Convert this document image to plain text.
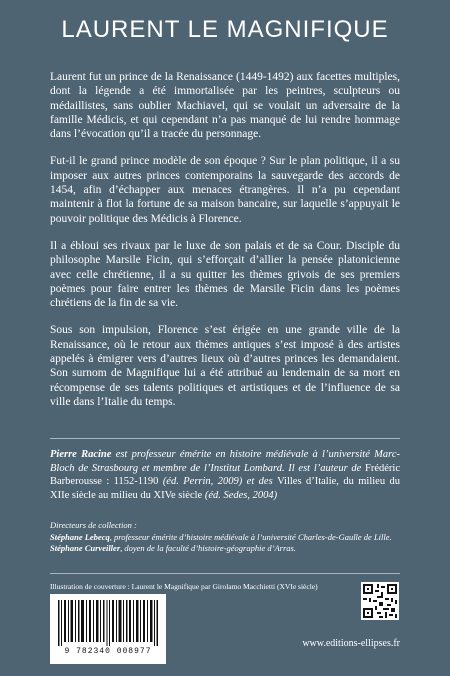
LAURENT LE MAGNIFIQUE

Laurent fut un prince de la Renaissance (1449-1492) aux facettes multiples, dont la légende a été immortalisée par les peintres, sculpteurs ou médaillistes, sans oublier Machiavel, qui se voulait un adversaire de la famille Médicis, et qui cependant n’a pas manqué de lui rendre hommage dans l’évocation qu’il a tracée du personnage.

Fut-il le grand prince modèle de son époque ? Sur le plan politique, il a su imposer aux autres princes contemporains la sauvegarde des accords de 1454, afin d’échapper aux menaces étrangères. Il n’a pu cependant maintenir à flot la fortune de sa maison bancaire, sur laquelle s’appuyait le pouvoir politique des Médicis à Florence.

Il a ébloui ses rivaux par le luxe de son palais et de sa Cour. Disciple du philosophe Marsile Ficin, qui s’efforçait d’allier la pensée platonicienne avec celle chrétienne, il a su quitter les thèmes grivois de ses premiers poèmes pour faire entrer les thèmes de Marsile Ficin dans les poèmes chrétiens de la fin de sa vie.

Sous son impulsion, Florence s’est érigée en une grande ville de la Renaissance, où le retour aux thèmes antiques s’est imposé à des artistes appelés à émigrer vers d’autres lieux où d’autres princes les demandaient. Son surnom de Magnifique lui a été attribué au lendemain de sa mort en récompense de ses talents politiques et artistiques et de l’influence de sa ville dans l’Italie du temps.

Pierre Racine est professeur émérite en histoire médiévale à l’université Marc-Bloch de Strasbourg et membre de l’Institut Lombard. Il est l’auteur de Frédéric Barberousse : 1152-1190 (éd. Perrin, 2009) et des Villes d’Italie, du milieu du XIIe siècle au milieu du XIVe siècle (éd. Sedes, 2004)
Directeurs de collection :
Stéphane Lebecq, professeur émérite d’histoire médiévale à l’université Charles-de-Gaulle de Lille.
Stéphane Curveiller, doyen de la faculté d’histoire-géographie d’Arras.
Illustration de couverture : Laurent le Magnifique par Girolamo Macchietti (XVIe siècle)
9 782340 008977
www.editions-ellipses.fr
